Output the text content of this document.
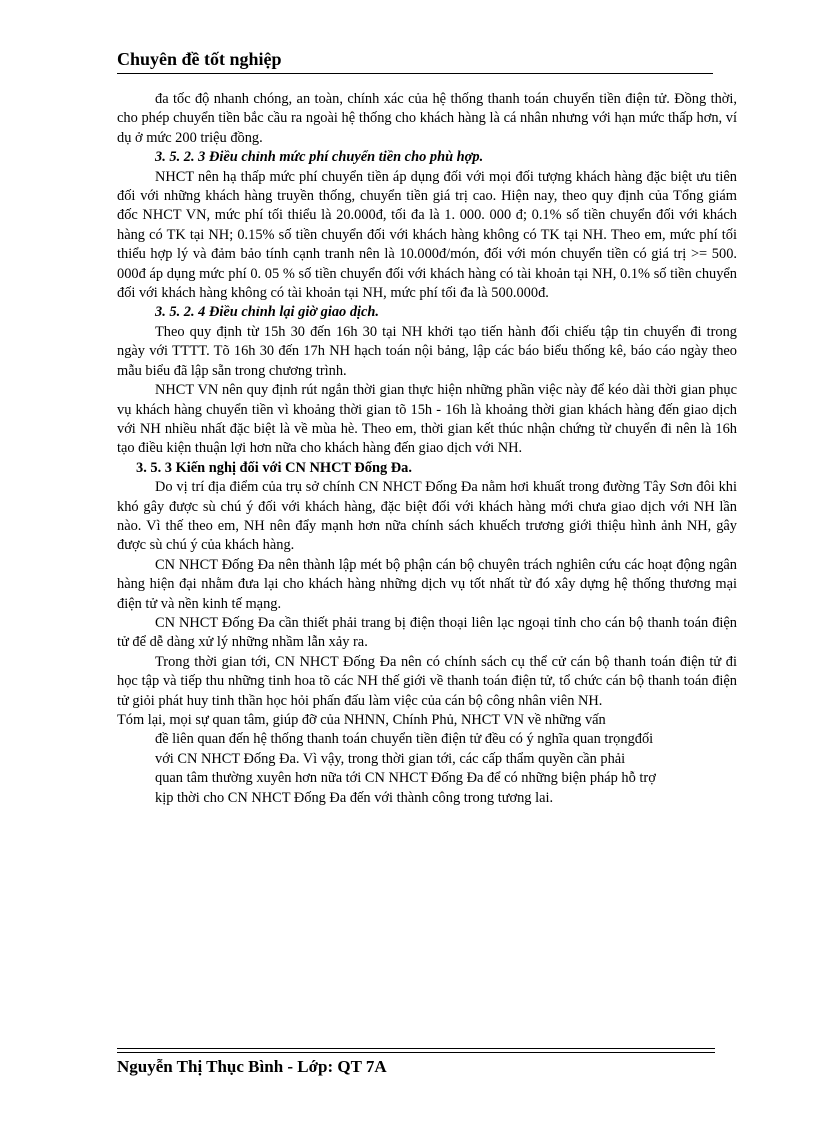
Chuyên đề tốt nghiệp

đa tốc độ nhanh chóng, an toàn, chính xác của hệ thống thanh toán chuyển tiền điện tử. Đồng thời, cho phép chuyển tiền bắc cầu ra ngoài hệ thống cho khách hàng là cá nhân nhưng với hạn mức thấp hơn, ví dụ ở mức 200 triệu đồng.

3. 5. 2. 3 Điều chỉnh mức phí chuyển tiền cho phù hợp.

NHCT nên hạ thấp mức phí chuyển tiền áp dụng đối với mọi đối tượng khách hàng đặc biệt ưu tiên đối với những khách hàng truyền thống, chuyển tiền giá trị cao. Hiện nay, theo quy định của Tổng giám đốc NHCT VN, mức phí tối thiểu là 20.000đ, tối đa là 1. 000. 000 đ; 0.1% số tiền chuyển đối với khách hàng có TK tại NH; 0.15% số tiền chuyển đối với khách hàng không có TK tại NH. Theo em, mức phí tối thiểu hợp lý và đảm bảo tính cạnh tranh nên là 10.000đ/món, đối với món chuyển tiền có giá trị >= 500. 000đ áp dụng mức phí 0. 05 % số tiền chuyển đối với khách hàng có tài khoản tại NH, 0.1% số tiền chuyển đối với khách hàng không có tài khoản tại NH, mức phí tối đa là 500.000đ.

3. 5. 2. 4 Điều chỉnh lại giờ giao dịch.

Theo quy định từ 15h 30 đến 16h 30 tại NH khởi tạo tiến hành đối chiếu tập tin chuyển đi trong ngày với TTTT. Tõ 16h 30 đến 17h NH hạch toán nội bảng, lập các báo biểu thống kê, báo cáo ngày theo mẫu biểu đã lập sẵn trong chương trình.

NHCT VN nên quy định rút ngắn thời gian thực hiện những phần việc này để kéo dài thời gian phục vụ khách hàng chuyển tiền vì khoảng thời gian tõ 15h - 16h là khoảng thời gian khách hàng đến giao dịch với NH nhiều nhất đặc biệt là về mùa hè. Theo em, thời gian kết thúc nhận chứng từ chuyển đi nên là 16h tạo điều kiện thuận lợi hơn nữa cho khách hàng đến giao dịch với NH.

3. 5. 3 Kiến nghị đối với CN NHCT Đống Đa.

Do vị trí địa điểm của trụ sở chính CN NHCT Đống Đa nằm hơi khuất trong đường Tây Sơn đôi khi khó gây được sù chú ý đối với khách hàng, đặc biệt đối với khách hàng mới chưa giao dịch với NH lần nào. Vì thế theo em, NH nên đẩy mạnh hơn nữa chính sách khuếch trương giới thiệu hình ảnh NH, gây được sù chú ý của khách hàng.

CN NHCT Đống Đa nên thành lập mét bộ phận cán bộ chuyên trách nghiên cứu các hoạt động ngân hàng hiện đại nhằm đưa lại cho khách hàng những dịch vụ tốt nhất từ đó xây dựng hệ thống thương mại điện tử và nền kinh tế mạng.

CN NHCT Đống Đa cần thiết phải trang bị điện thoại liên lạc ngoại tỉnh cho cán bộ thanh toán điện tử để dễ dàng xử lý những nhầm lẫn xảy ra.

Trong thời gian tới, CN NHCT Đống Đa nên có chính sách cụ thể cử cán bộ thanh toán điện tử đi học tập và tiếp thu những tinh hoa tõ các NH thế giới về thanh toán điện tử, tổ chức cán bộ thanh toán điện tử giỏi phát huy tinh thần học hỏi phấn đấu làm việc của cán bộ công nhân viên NH.

Tóm lại, mọi sự quan tâm, giúp đỡ của NHNN, Chính Phủ, NHCT VN về những vấn
đề liên quan đến hệ thống thanh toán chuyển tiền điện tử đều có ý nghĩa quan trọngđối
với CN NHCT Đống Đa. Vì vậy, trong thời gian tới, các cấp thẩm quyền cần phải
quan tâm thường xuyên hơn nữa tới CN NHCT Đống Đa để có những biện pháp hỗ trợ
kịp thời cho CN NHCT Đống Đa đến với thành công trong tương lai.
Nguyễn Thị Thục Bình - Lớp: QT 7A
